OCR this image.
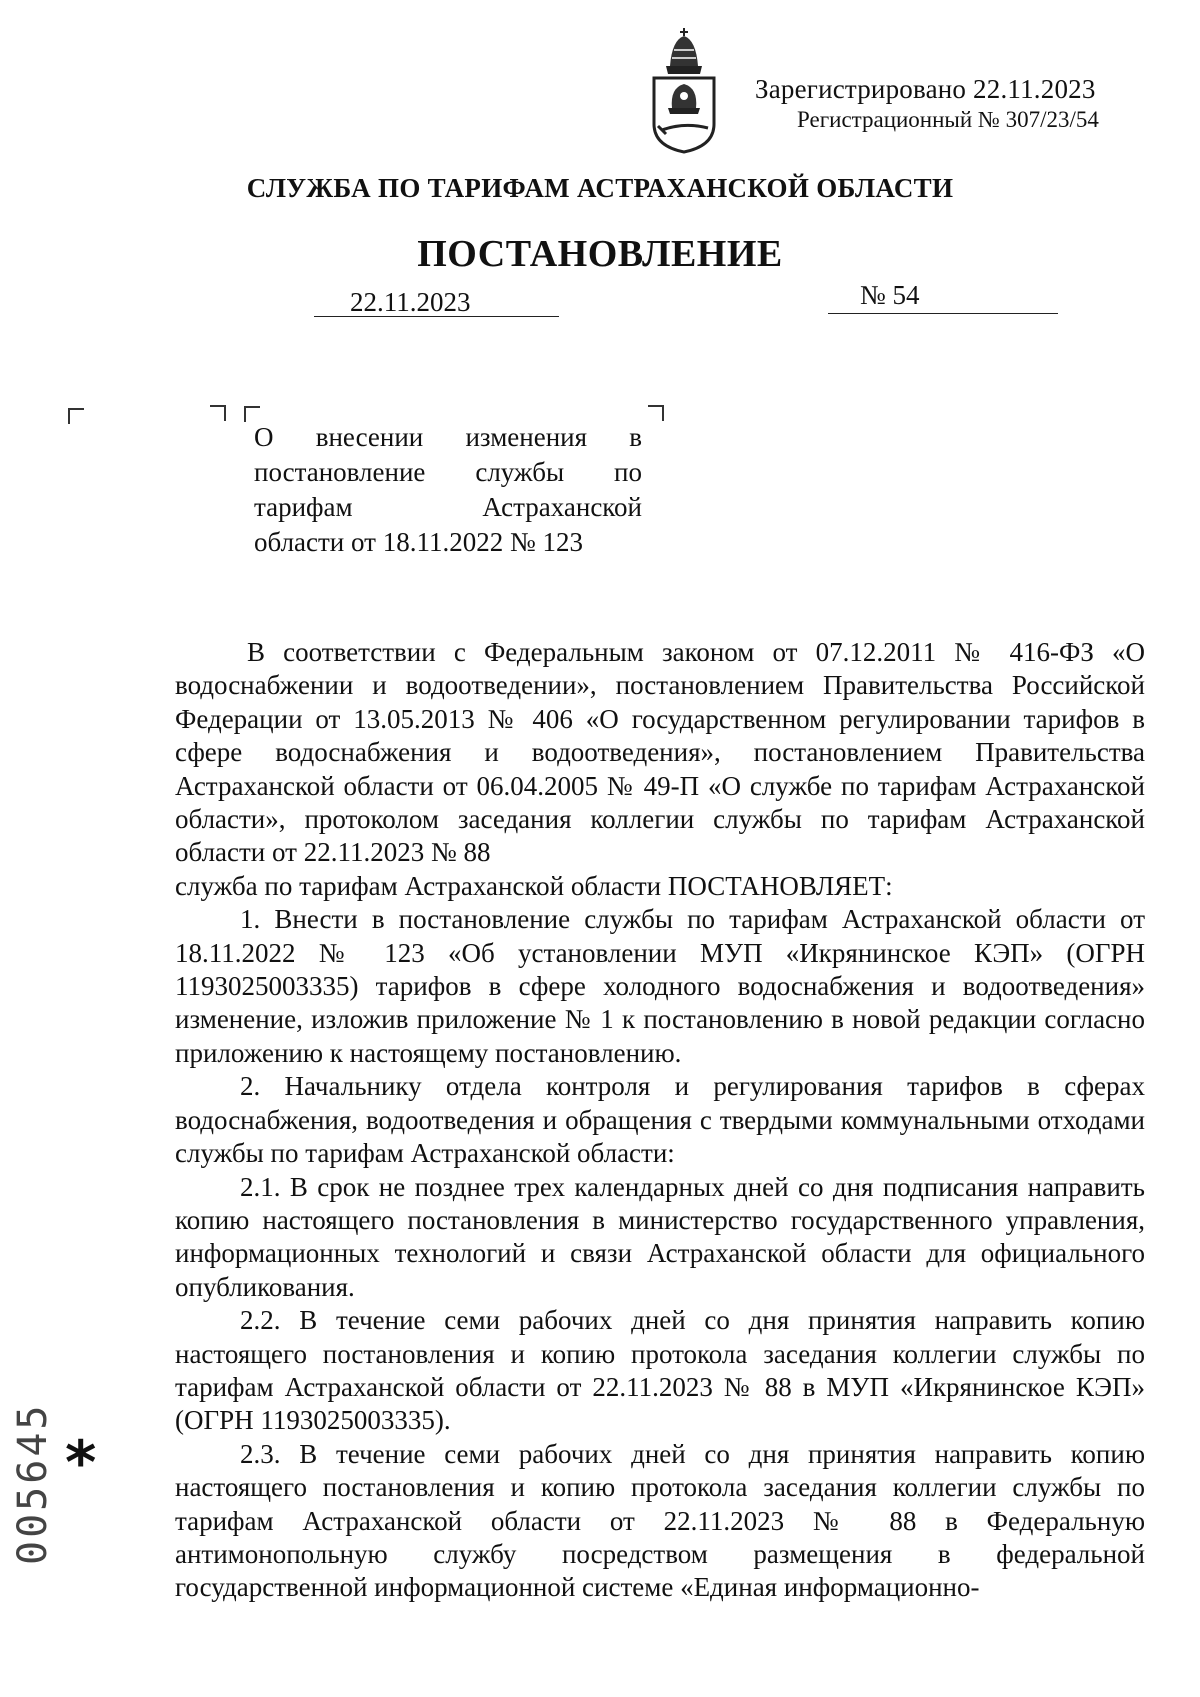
Зарегистрировано 22.11.2023
Регистрационный № 307/23/54
СЛУЖБА ПО ТАРИФАМ АСТРАХАНСКОЙ ОБЛАСТИ
ПОСТАНОВЛЕНИЕ
22.11.2023	№ 54
О внесении изменения в
постановление службы по
тарифам Астраханской
области от 18.11.2022 № 123

В соответствии с Федеральным законом от 07.12.2011 № 416-ФЗ «О водоснабжении и водоотведении», постановлением Правительства Российской Федерации от 13.05.2013 № 406 «О государственном регулировании тарифов в сфере водоснабжения и водоотведения», постановлением Правительства Астраханской области от 06.04.2005 № 49-П «О службе по тарифам Астраханской области», протоколом заседания коллегии службы по тарифам Астраханской области от 22.11.2023 № 88

служба по тарифам Астраханской области ПОСТАНОВЛЯЕТ:

1. Внести в постановление службы по тарифам Астраханской области от 18.11.2022 № 123 «Об установлении МУП «Икрянинское КЭП» (ОГРН 1193025003335) тарифов в сфере холодного водоснабжения и водоотведения» изменение, изложив приложение № 1 к постановлению в новой редакции согласно приложению к настоящему постановлению.

2. Начальнику отдела контроля и регулирования тарифов в сферах водоснабжения, водоотведения и обращения с твердыми коммунальными отходами службы по тарифам Астраханской области:

2.1. В срок не позднее трех календарных дней со дня подписания направить копию настоящего постановления в министерство государственного управления, информационных технологий и связи Астраханской области для официального опубликования.

2.2. В течение семи рабочих дней со дня принятия направить копию настоящего постановления и копию протокола заседания коллегии службы по тарифам Астраханской области от 22.11.2023 № 88 в МУП «Икрянинское КЭП» (ОГРН 1193025003335).

2.3. В течение семи рабочих дней со дня принятия направить копию настоящего постановления и копию протокола заседания коллегии службы по тарифам Астраханской области от 22.11.2023 № 88 в Федеральную антимонопольную службу посредством размещения в федеральной государственной информационной системе «Единая информационно-

*
005645
